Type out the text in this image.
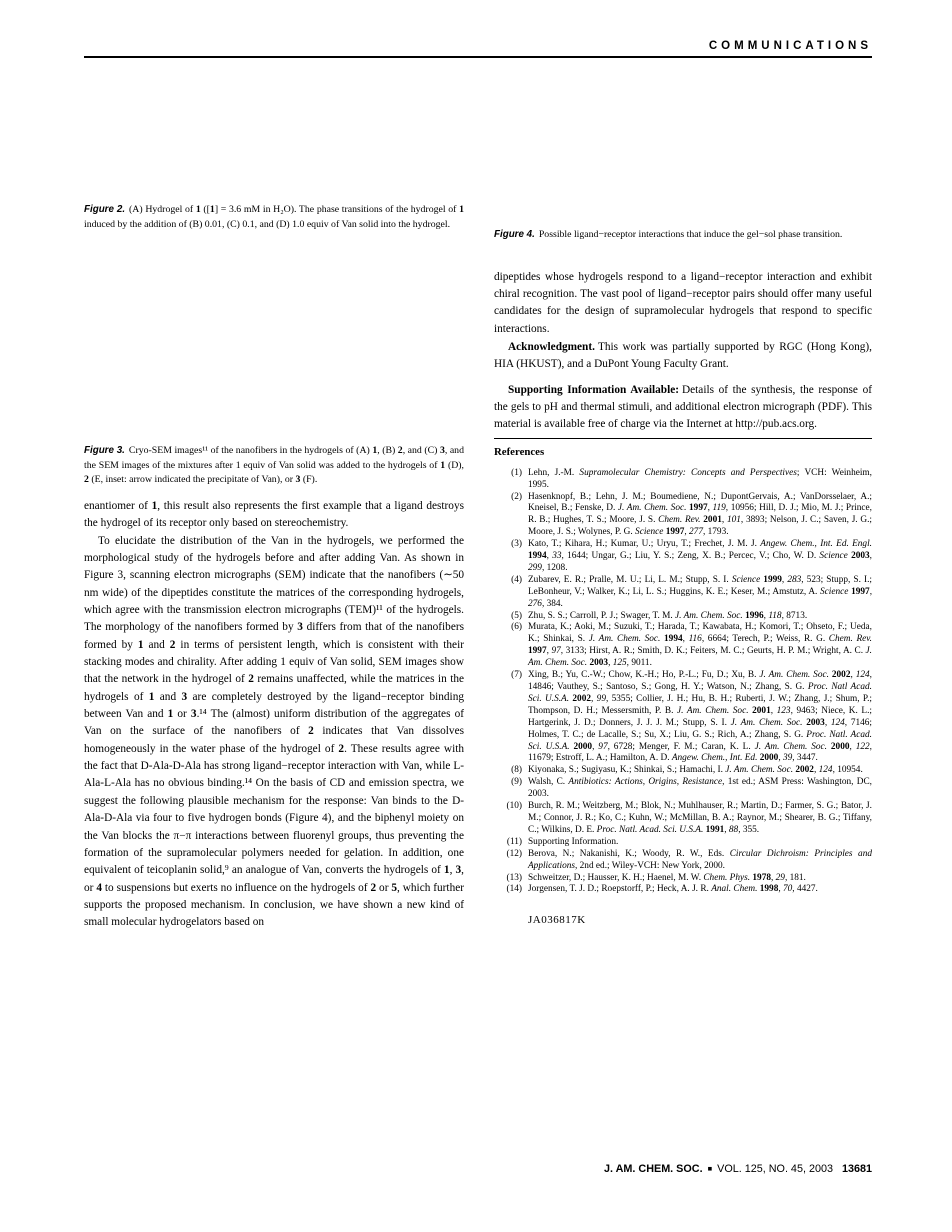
COMMUNICATIONS

Figure 2. (A) Hydrogel of 1 ([1] = 3.6 mM in H₂O). The phase transitions of the hydrogel of 1 induced by the addition of (B) 0.01, (C) 0.1, and (D) 1.0 equiv of Van solid into the hydrogel.

Figure 3. Cryo-SEM images¹¹ of the nanofibers in the hydrogels of (A) 1, (B) 2, and (C) 3, and the SEM images of the mixtures after 1 equiv of Van solid was added to the hydrogels of 1 (D), 2 (E, inset: arrow indicated the precipitate of Van), or 3 (F).

enantiomer of 1, this result also represents the first example that a ligand destroys the hydrogel of its receptor only based on stereochemistry.

To elucidate the distribution of the Van in the hydrogels, we performed the morphological study of the hydrogels before and after adding Van. As shown in Figure 3, scanning electron micrographs (SEM) indicate that the nanofibers (∼50 nm wide) of the dipeptides constitute the matrices of the corresponding hydrogels, which agree with the transmission electron micrographs (TEM)¹¹ of the hydrogels. The morphology of the nanofibers formed by 3 differs from that of the nanofibers formed by 1 and 2 in terms of persistent length, which is consistent with their stacking modes and chirality. After adding 1 equiv of Van solid, SEM images show that the network in the hydrogel of 2 remains unaffected, while the matrices in the hydrogels of 1 and 3 are completely destroyed by the ligand−receptor binding between Van and 1 or 3.¹⁴ The (almost) uniform distribution of the aggregates of Van on the surface of the nanofibers of 2 indicates that Van dissolves homogeneously in the water phase of the hydrogel of 2. These results agree with the fact that D-Ala-D-Ala has strong ligand−receptor interaction with Van, while L-Ala-L-Ala has no obvious binding.¹⁴ On the basis of CD and emission spectra, we suggest the following plausible mechanism for the response: Van binds to the D-Ala-D-Ala via four to five hydrogen bonds (Figure 4), and the biphenyl moiety on the Van blocks the π−π interactions between fluorenyl groups, thus preventing the formation of the supramolecular polymers needed for gelation. In addition, one equivalent of teicoplanin solid,⁹ an analogue of Van, converts the hydrogels of 1, 3, or 4 to suspensions but exerts no influence on the hydrogels of 2 or 5, which further supports the proposed mechanism. In conclusion, we have shown a new kind of small molecular hydrogelators based on

Figure 4. Possible ligand−receptor interactions that induce the gel−sol phase transition.

dipeptides whose hydrogels respond to a ligand−receptor interaction and exhibit chiral recognition. The vast pool of ligand−receptor pairs should offer many useful candidates for the design of supramolecular hydrogels that respond to specific interactions.

Acknowledgment. This work was partially supported by RGC (Hong Kong), HIA (HKUST), and a DuPont Young Faculty Grant.

Supporting Information Available: Details of the synthesis, the response of the gels to pH and thermal stimuli, and additional electron micrograph (PDF). This material is available free of charge via the Internet at http://pub.acs.org.

References
(1) Lehn, J.-M. Supramolecular Chemistry: Concepts and Perspectives; VCH: Weinheim, 1995.
(2) Hasenknopf, B.; Lehn, J. M.; Boumediene, N.; DupontGervais, A.; VanDorsselaer, A.; Kneisel, B.; Fenske, D. J. Am. Chem. Soc. 1997, 119, 10956; Hill, D. J.; Mio, M. J.; Prince, R. B.; Hughes, T. S.; Moore, J. S. Chem. Rev. 2001, 101, 3893; Nelson, J. C.; Saven, J. G.; Moore, J. S.; Wolynes, P. G. Science 1997, 277, 1793.
(3) Kato, T.; Kihara, H.; Kumar, U.; Uryu, T.; Frechet, J. M. J. Angew. Chem., Int. Ed. Engl. 1994, 33, 1644; Ungar, G.; Liu, Y. S.; Zeng, X. B.; Percec, V.; Cho, W. D. Science 2003, 299, 1208.
(4) Zubarev, E. R.; Pralle, M. U.; Li, L. M.; Stupp, S. I. Science 1999, 283, 523; Stupp, S. I.; LeBonheur, V.; Walker, K.; Li, L. S.; Huggins, K. E.; Keser, M.; Amstutz, A. Science 1997, 276, 384.
(5) Zhu, S. S.; Carroll, P. J.; Swager, T. M. J. Am. Chem. Soc. 1996, 118, 8713.
(6) Murata, K.; Aoki, M.; Suzuki, T.; Harada, T.; Kawabata, H.; Komori, T.; Ohseto, F.; Ueda, K.; Shinkai, S. J. Am. Chem. Soc. 1994, 116, 6664; Terech, P.; Weiss, R. G. Chem. Rev. 1997, 97, 3133; Hirst, A. R.; Smith, D. K.; Feiters, M. C.; Geurts, H. P. M.; Wright, A. C. J. Am. Chem. Soc. 2003, 125, 9011.
(7) Xing, B.; Yu, C.-W.; Chow, K.-H.; Ho, P.-L.; Fu, D.; Xu, B. J. Am. Chem. Soc. 2002, 124, 14846; Vauthey, S.; Santoso, S.; Gong, H. Y.; Watson, N.; Zhang, S. G. Proc. Natl Acad. Sci. U.S.A. 2002, 99, 5355; Collier, J. H.; Hu, B. H.; Ruberti, J. W.; Zhang, J.; Shum, P.; Thompson, D. H.; Messersmith, P. B. J. Am. Chem. Soc. 2001, 123, 9463; Niece, K. L.; Hartgerink, J. D.; Donners, J. J. J. M.; Stupp, S. I. J. Am. Chem. Soc. 2003, 124, 7146; Holmes, T. C.; de Lacalle, S.; Su, X.; Liu, G. S.; Rich, A.; Zhang, S. G. Proc. Natl. Acad. Sci. U.S.A. 2000, 97, 6728; Menger, F. M.; Caran, K. L. J. Am. Chem. Soc. 2000, 122, 11679; Estroff, L. A.; Hamilton, A. D. Angew. Chem., Int. Ed. 2000, 39, 3447.
(8) Kiyonaka, S.; Sugiyasu, K.; Shinkai, S.; Hamachi, I. J. Am. Chem. Soc. 2002, 124, 10954.
(9) Walsh, C. Antibiotics: Actions, Origins, Resistance, 1st ed.; ASM Press: Washington, DC, 2003.
(10) Burch, R. M.; Weitzberg, M.; Blok, N.; Muhlhauser, R.; Martin, D.; Farmer, S. G.; Bator, J. M.; Connor, J. R.; Ko, C.; Kuhn, W.; McMillan, B. A.; Raynor, M.; Shearer, B. G.; Tiffany, C.; Wilkins, D. E. Proc. Natl. Acad. Sci. U.S.A. 1991, 88, 355.
(11) Supporting Information.
(12) Berova, N.; Nakanishi, K.; Woody, R. W., Eds. Circular Dichroism: Principles and Applications, 2nd ed.; Wiley-VCH: New York, 2000.
(13) Schweitzer, D.; Hausser, K. H.; Haenel, M. W. Chem. Phys. 1978, 29, 181.
(14) Jorgensen, T. J. D.; Roepstorff, P.; Heck, A. J. R. Anal. Chem. 1998, 70, 4427.

JA036817K

J. AM. CHEM. SOC. ■ VOL. 125, NO. 45, 2003 13681
